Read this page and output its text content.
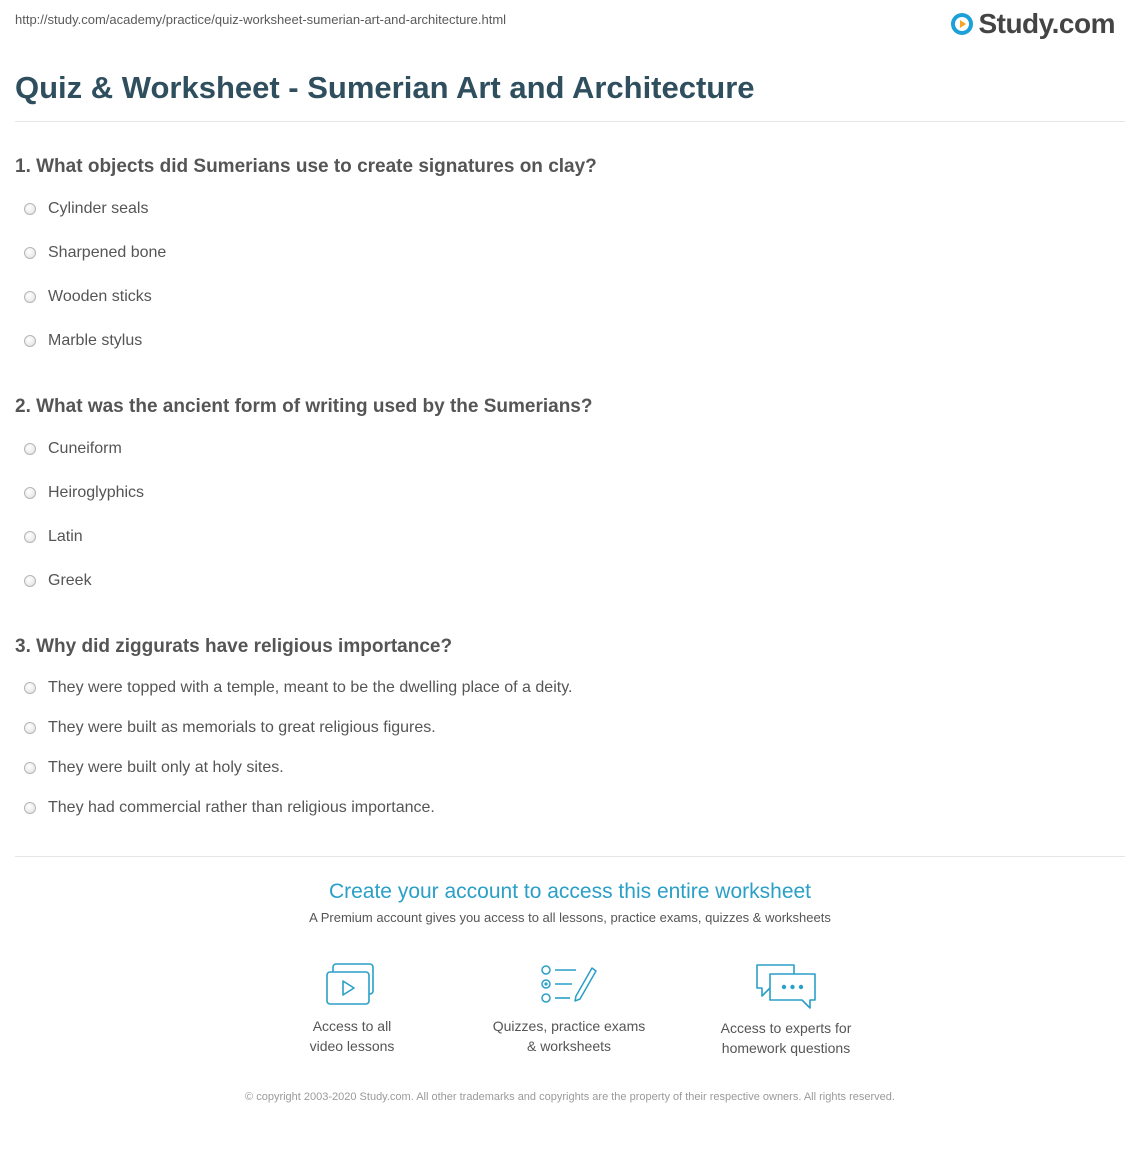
http://study.com/academy/practice/quiz-worksheet-sumerian-art-and-architecture.html	Study.com
Quiz & Worksheet - Sumerian Art and Architecture

1. What objects did Sumerians use to create signatures on clay?

Cylinder seals
Sharpened bone
Wooden sticks
Marble stylus

2. What was the ancient form of writing used by the Sumerians?

Cuneiform
Heiroglyphics
Latin
Greek

3. Why did ziggurats have religious importance?

They were topped with a temple, meant to be the dwelling place of a deity.
They were built as memorials to great religious figures.
They were built only at holy sites.
They had commercial rather than religious importance.

Create your account to access this entire worksheet

A Premium account gives you access to all lessons, practice exams, quizzes & worksheets
Access to all
video lessons
Quizzes, practice exams
& worksheets
Access to experts for
homework questions
© copyright 2003-2020 Study.com. All other trademarks and copyrights are the property of their respective owners. All rights reserved.
